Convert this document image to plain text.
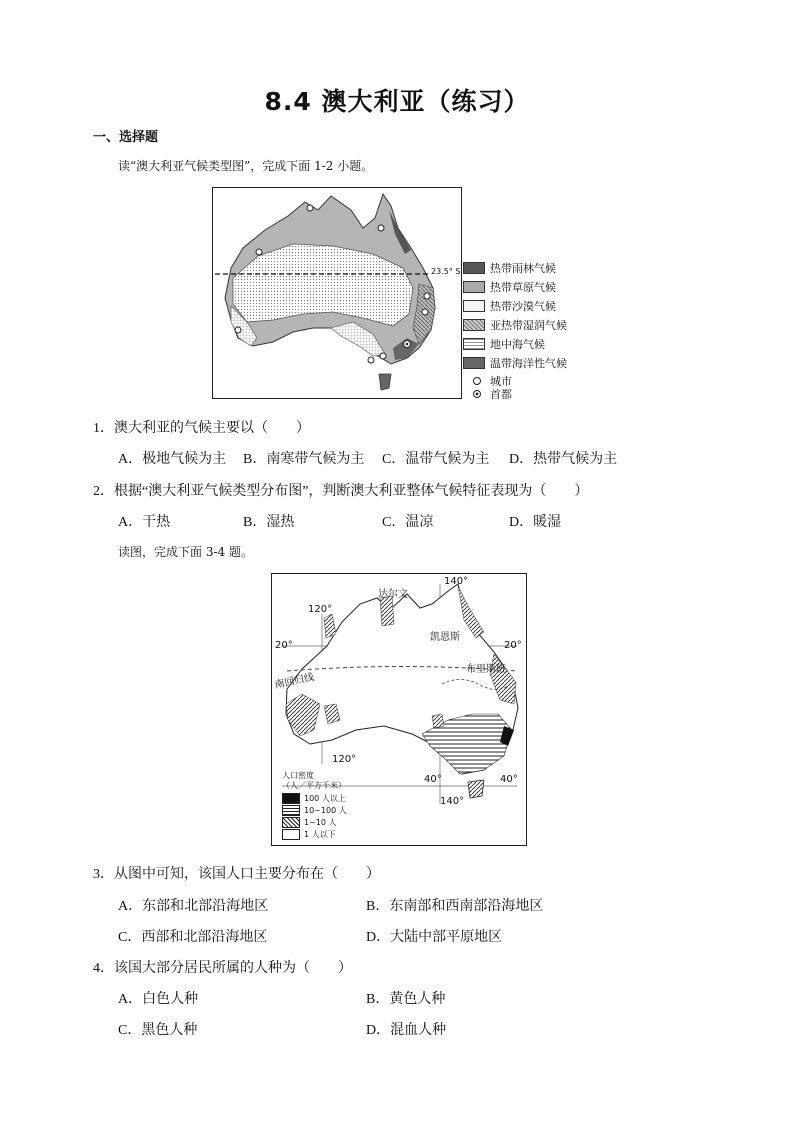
8.4 澳大利亚（练习）
一、选择题
读“澳大利亚气候类型图”，完成下面 1-2 小题。
23.5° S	热带雨林气候
热带草原气候
热带沙漠气候
亚热带湿润气候
地中海气候
温带海洋性气候
城市
首都
1．澳大利亚的气候主要以（　　）
A．极地气候为主 B．南寒带气候为主 C．温带气候为主 D．热带气候为主
2．根据“澳大利亚气候类型分布图”，判断澳大利亚整体气候特征表现为（　　）
A．干热	B．湿热	C．温凉	D．暖湿
读图，完成下面 3-4 题。
达尔文
140°
120°
凯恩斯
20°	20°
南回归线
布里斯班
120°
40°	40°
140°
人口密度
（人／平方千米）
100 人以上
10~100 人
1~10 人
1 人以下
3．从图中可知，该国人口主要分布在（　　）
A．东部和北部沿海地区	B．东南部和西南部沿海地区
C．西部和北部沿海地区	D．大陆中部平原地区
4．该国大部分居民所属的人种为（　　）
A．白色人种	B．黄色人种
C．黑色人种	D．混血人种
